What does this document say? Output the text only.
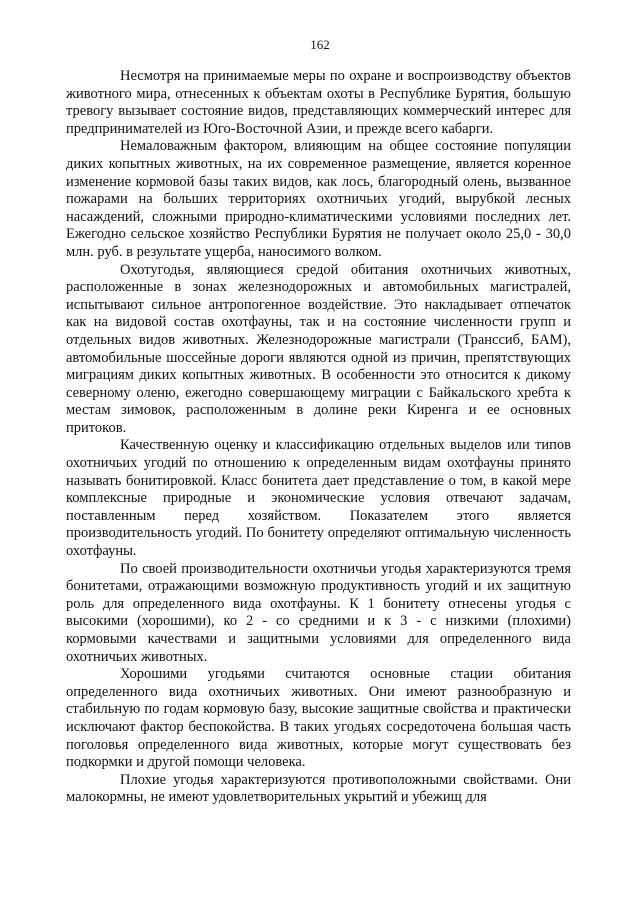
162

Несмотря на принимаемые меры по охране и воспроизводству объектов животного мира, отнесенных к объектам охоты в Республике Бурятия, большую тревогу вызывает состояние видов, представляющих коммерческий интерес для предпринимателей из Юго-Восточной Азии, и прежде всего кабарги.

Немаловажным фактором, влияющим на общее состояние популяции диких копытных животных, на их современное размещение, является коренное изменение кормовой базы таких видов, как лось, благородный олень, вызванное пожарами на больших территориях охотничьих угодий, вырубкой лесных насаждений, сложными природно-климатическими условиями последних лет. Ежегодно сельское хозяйство Республики Бурятия не получает около 25,0 - 30,0 млн. руб. в результате ущерба, наносимого волком.

Охотугодья, являющиеся средой обитания охотничьих животных, расположенные в зонах железнодорожных и автомобильных магистралей, испытывают сильное антропогенное воздействие. Это накладывает отпечаток как на видовой состав охотфауны, так и на состояние численности групп и отдельных видов животных. Железнодорожные магистрали (Транссиб, БАМ), автомобильные шоссейные дороги являются одной из причин, препятствующих миграциям диких копытных животных. В особенности это относится к дикому северному оленю, ежегодно совершающему миграции с Байкальского хребта к местам зимовок, расположенным в долине реки Киренга и ее основных притоков.

Качественную оценку и классификацию отдельных выделов или типов охотничьих угодий по отношению к определенным видам охотфауны принято называть бонитировкой. Класс бонитета дает представление о том, в какой мере комплексные природные и экономические условия отвечают задачам, поставленным перед хозяйством. Показателем этого является производительность угодий. По бонитету определяют оптимальную численность охотфауны.

По своей производительности охотничьи угодья характеризуются тремя бонитетами, отражающими возможную продуктивность угодий и их защитную роль для определенного вида охотфауны. К 1 бонитету отнесены угодья с высокими (хорошими), ко 2 - со средними и к 3 - с низкими (плохими) кормовыми качествами и защитными условиями для определенного вида охотничьих животных.

Хорошими угодьями считаются основные стации обитания определенного вида охотничьих животных. Они имеют разнообразную и стабильную по годам кормовую базу, высокие защитные свойства и практически исключают фактор беспокойства. В таких угодьях сосредоточена большая часть поголовья определенного вида животных, которые могут существовать без подкормки и другой помощи человека.

Плохие угодья характеризуются противоположными свойствами. Они малокормны, не имеют удовлетворительных укрытий и убежищ для
